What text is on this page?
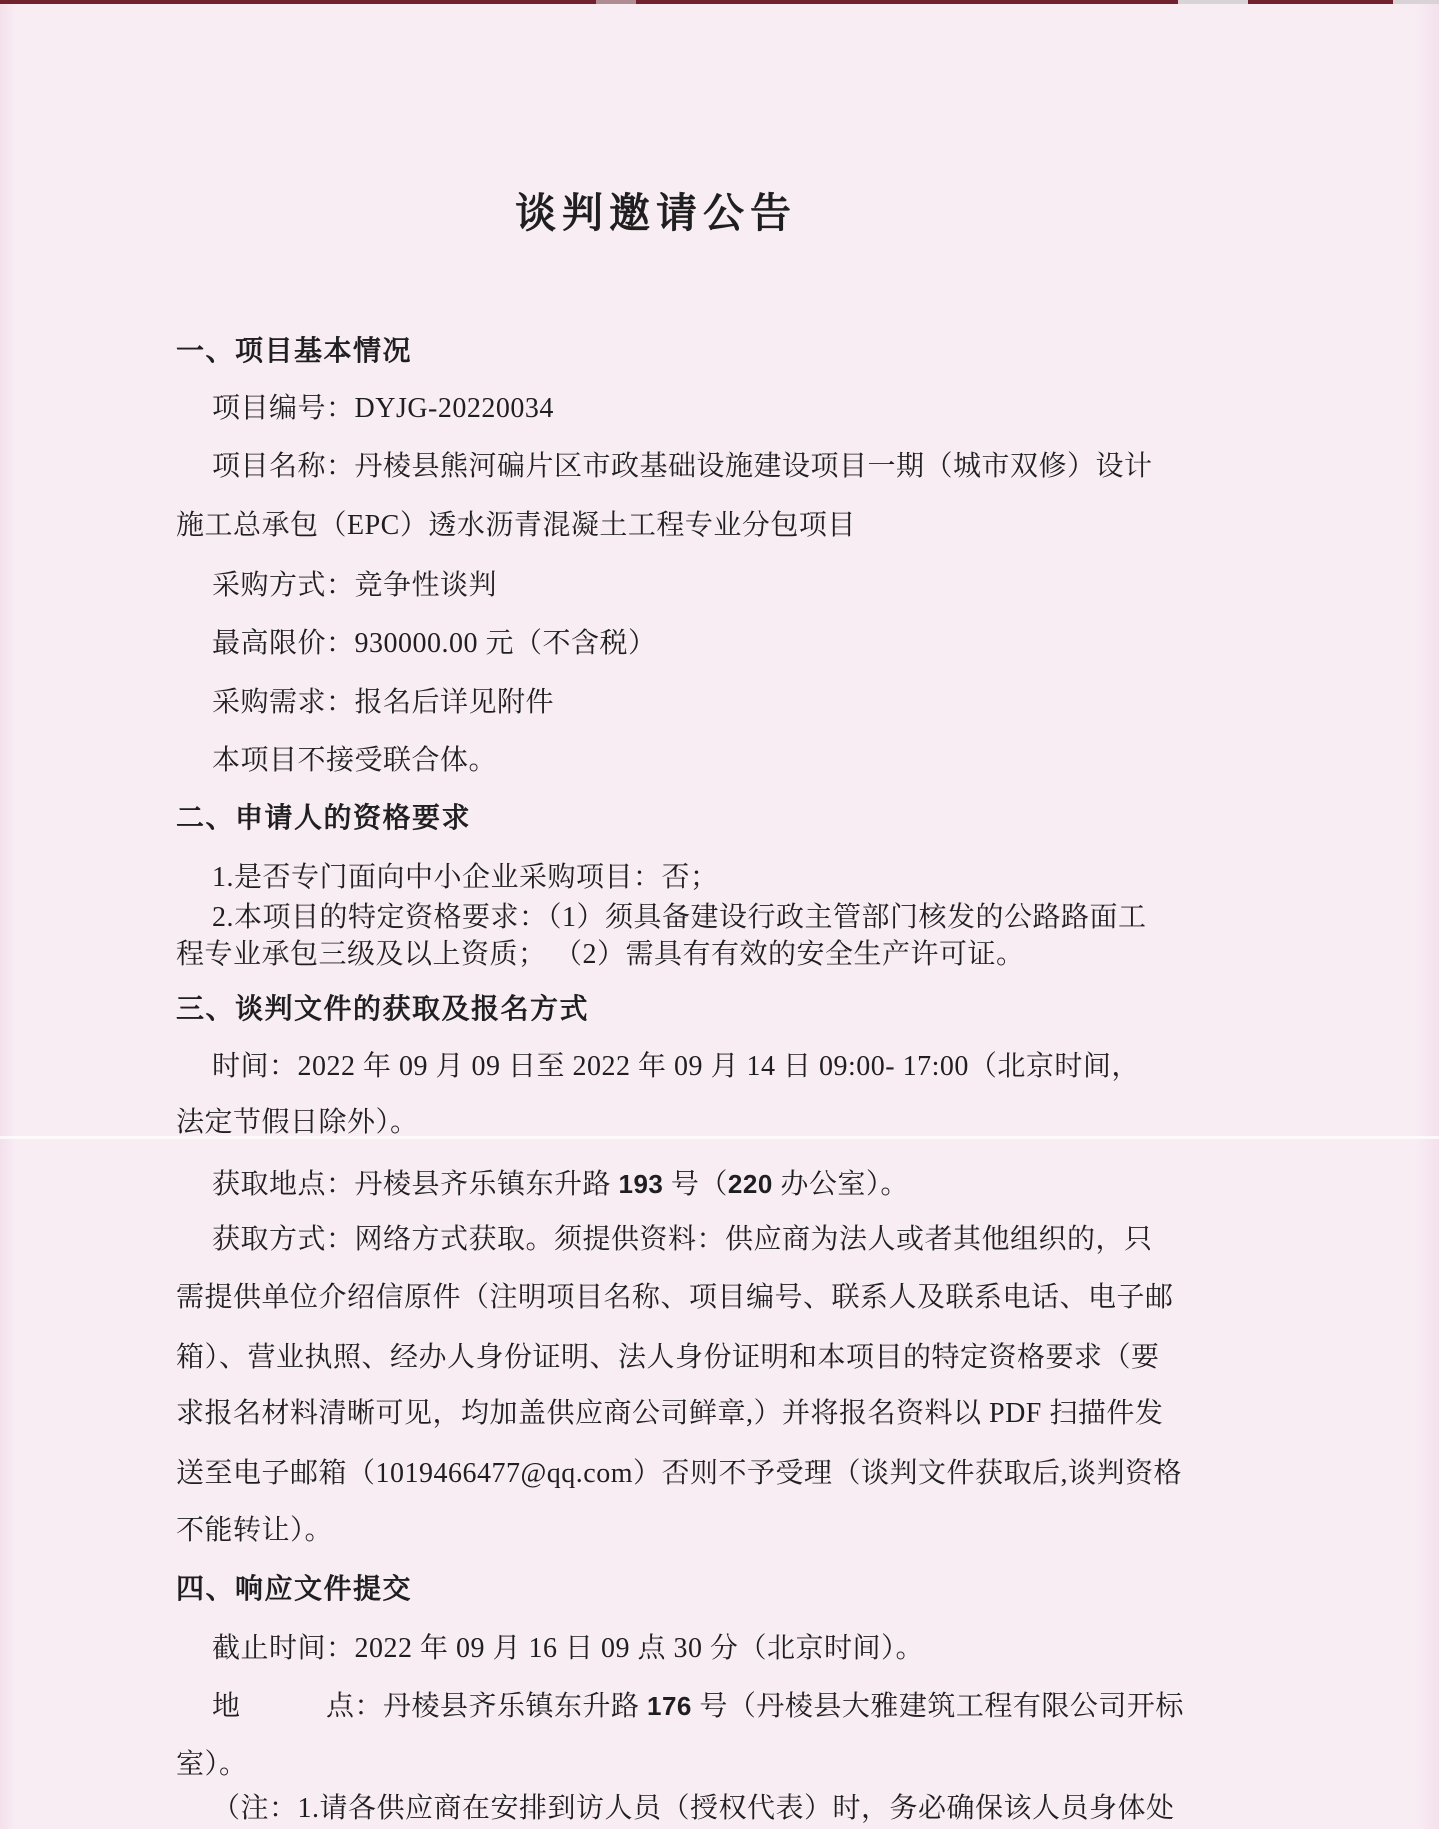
谈判邀请公告
一、项目基本情况
项目编号：DYJG-20220034
项目名称：丹棱县熊河碥片区市政基础设施建设项目一期（城市双修）设计
施工总承包（EPC）透水沥青混凝土工程专业分包项目
采购方式：竞争性谈判
最高限价：930000.00 元（不含税）
采购需求：报名后详见附件
本项目不接受联合体。
二、申请人的资格要求
1.是否专门面向中小企业采购项目：否；
2.本项目的特定资格要求：（1）须具备建设行政主管部门核发的公路路面工
程专业承包三级及以上资质； （2）需具有有效的安全生产许可证。
三、谈判文件的获取及报名方式
时间：2022 年 09 月 09 日至 2022 年 09 月 14 日 09:00- 17:00（北京时间，
法定节假日除外）。
获取地点：丹棱县齐乐镇东升路 193 号（220 办公室）。
获取方式：网络方式获取。须提供资料：供应商为法人或者其他组织的，只
需提供单位介绍信原件（注明项目名称、项目编号、联系人及联系电话、电子邮
箱）、营业执照、经办人身份证明、法人身份证明和本项目的特定资格要求（要
求报名材料清晰可见，均加盖供应商公司鲜章,）并将报名资料以 PDF 扫描件发
送至电子邮箱（1019466477@qq.com）否则不予受理（谈判文件获取后,谈判资格
不能转让）。
四、响应文件提交
截止时间：2022 年 09 月 16 日 09 点 30 分（北京时间）。
地　　　点：丹棱县齐乐镇东升路 176 号（丹棱县大雅建筑工程有限公司开标
室）。
（注：1.请各供应商在安排到访人员（授权代表）时，务必确保该人员身体处
